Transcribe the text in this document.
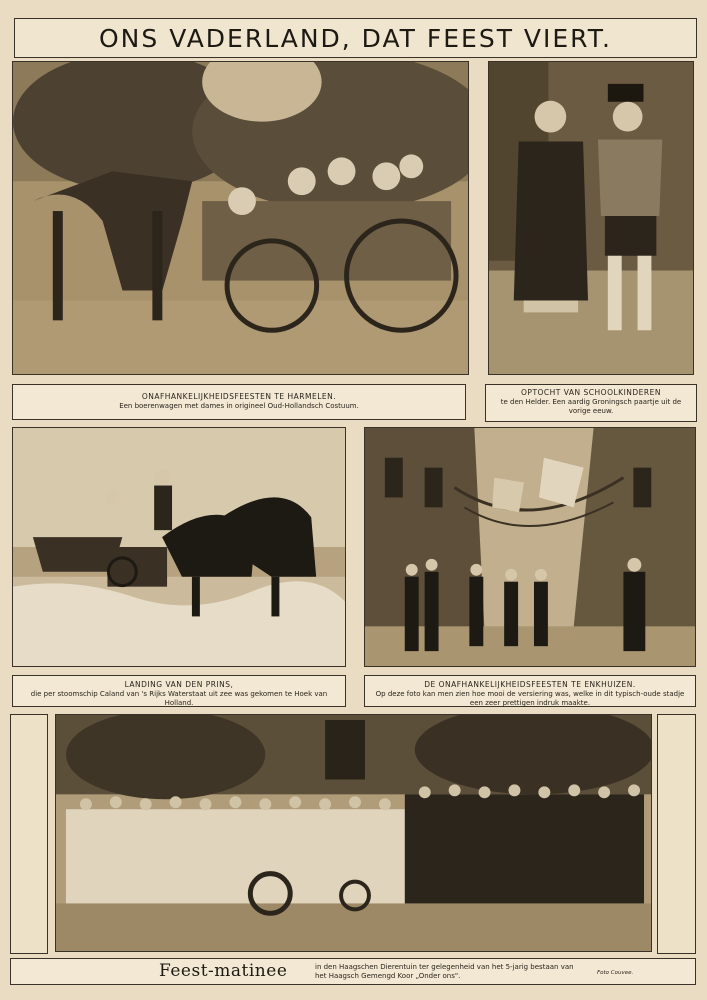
ONS VADERLAND, DAT FEEST VIERT.
ONAFHANKELIJKHEIDSFEESTEN TE HARMELEN.
Een boerenwagen met dames in origineel Oud-Hollandsch Costuum.
OPTOCHT VAN SCHOOLKINDEREN
te den Helder. Een aardig Groningsch paartje uit de vorige eeuw.
LANDING VAN DEN PRINS,
die per stoomschip Caland van 's Rijks Waterstaat uit zee was gekomen te Hoek van Holland.
DE ONAFHANKELIJKHEIDSFEESTEN TE ENKHUIZEN.
Op deze foto kan men zien hoe mooi de versiering was, welke in dit typisch-oude stadje een zeer prettigen indruk maakte.
Feest-matinee	in den Haagschen Dierentuin ter gelegenheid van het 5-jarig bestaan van het Haagsch Gemengd Koor „Onder ons".	Foto Couvee.
